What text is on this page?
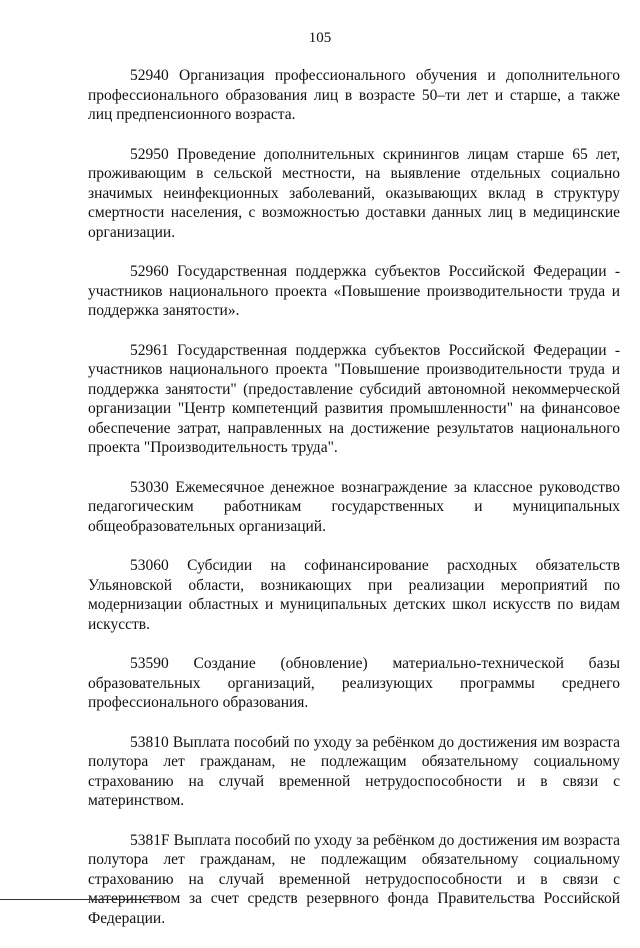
105

52940 Организация профессионального обучения и дополнительного профессионального образования лиц в возрасте 50–ти лет и старше, а также лиц предпенсионного возраста.

52950 Проведение дополнительных скринингов лицам старше 65 лет, проживающим в сельской местности, на выявление отдельных социально значимых неинфекционных заболеваний, оказывающих вклад в структуру смертности населения, с возможностью доставки данных лиц в медицинские организации.

52960 Государственная поддержка субъектов Российской Федерации - участников национального проекта «Повышение производительности труда и поддержка занятости».

52961 Государственная поддержка субъектов Российской Федерации - участников национального проекта "Повышение производительности труда и поддержка занятости" (предоставление субсидий автономной некоммерческой организации "Центр компетенций развития промышленности" на финансовое обеспечение затрат, направленных на достижение результатов национального проекта "Производительность труда".

53030 Ежемесячное денежное вознаграждение за классное руководство педагогическим работникам государственных и муниципальных общеобразовательных организаций.

53060 Субсидии на софинансирование расходных обязательств Ульяновской области, возникающих при реализации мероприятий по модернизации областных и муниципальных детских школ искусств по видам искусств.

53590 Создание (обновление) материально-технической базы образовательных организаций, реализующих программы среднего профессионального образования.

53810 Выплата пособий по уходу за ребёнком до достижения им возраста полутора лет гражданам, не подлежащим обязательному социальному страхованию на случай временной нетрудоспособности и в связи с материнством.

5381F Выплата пособий по уходу за ребёнком до достижения им возраста полутора лет гражданам, не подлежащим обязательному социальному страхованию на случай временной нетрудоспособности и в связи с материнством за счет средств резервного фонда Правительства Российской Федерации.
